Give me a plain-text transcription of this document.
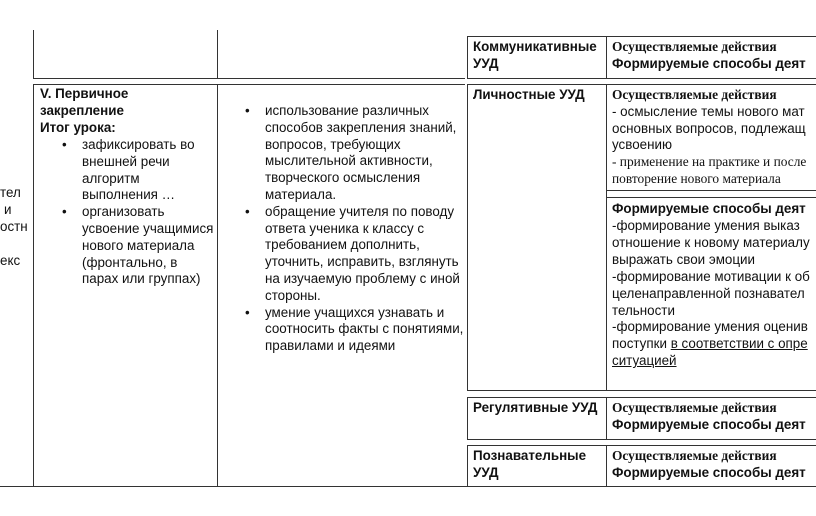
тел
и
остн
екс
V. Первичное закрепление
Итог урока:
• зафиксировать во внешней речи алгоритм выполнения …
• организовать усвоение учащимися нового материала (фронтально, в парах или группах)
• использование различных способов закрепления знаний, вопросов, требующих мыслительной активности, творческого осмысления материала.
• обращение учителя по поводу ответа ученика к классу с требованием дополнить, уточнить, исправить, взглянуть на изучаемую проблему с иной стороны.
• умение учащихся узнавать и соотносить факты с понятиями, правилами и идеями
Коммуникативные УУД
Осуществляемые действия
Формируемые способы деят
Личностные УУД Осуществляемые действия
- осмысление темы нового мат
основных вопросов, подлежащ
усвоению
- применение на практике и после
повторение нового материала
Формируемые способы деят
-формирование умения выказ
отношение к новому материалу
выражать свои эмоции
-формирование мотивации к об
целенаправленной познавател
тельности
-формирование умения оценив
поступки в соответствии с опре
ситуацией
Регулятивные УУД Осуществляемые действия
Формируемые способы деят
Познавательные УУД
Осуществляемые действия
Формируемые способы деят
